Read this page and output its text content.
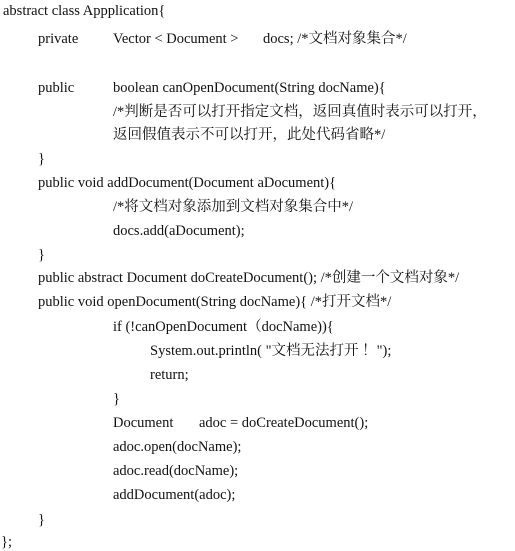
abstract class Appplication{
private Vector < Document > docs; /*文档对象集合*/
public	boolean canOpenDocument(String docName){
/*判断是否可以打开指定文档，返回真值时表示可以打开，
返回假值表示不可以打开，此处代码省略*/
}
public void addDocument(Document aDocument){
/*将文档对象添加到文档对象集合中*/
docs.add(aDocument);
}
public abstract Document doCreateDocument(); /*创建一个文档对象*/
public void openDocument(String docName){ /*打开文档*/
if (!canOpenDocument（docName)){
System.out.println( "文档无法打开 ！");
return;
}
Document adoc = doCreateDocument();
adoc.open(docName);
adoc.read(docName);
addDocument(adoc);
}
};
